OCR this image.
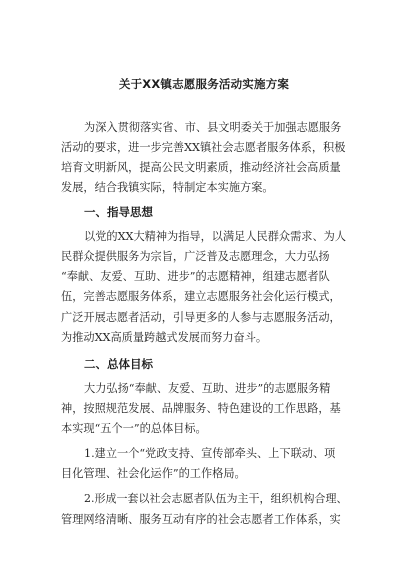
关于XX镇志愿服务活动实施方案
为深入贯彻落实省、市、县文明委关于加强志愿服务
活动的要求，进一步完善XX镇社会志愿者服务体系，积极
培育文明新风，提高公民文明素质，推动经济社会高质量
发展，结合我镇实际，特制定本实施方案。
一、指导思想
以党的XX大精神为指导，以满足人民群众需求、为人
民群众提供服务为宗旨，广泛普及志愿理念，大力弘扬
“奉献、友爱、互助、进步”的志愿精神，组建志愿者队
伍，完善志愿服务体系，建立志愿服务社会化运行模式，
广泛开展志愿者活动，引导更多的人参与志愿服务活动，
为推动XX高质量跨越式发展而努力奋斗。
二、总体目标
大力弘扬“奉献、友爱、互助、进步”的志愿服务精
神，按照规范发展、品牌服务、特色建设的工作思路，基
本实现“五个一”的总体目标。
1.建立一个“党政支持、宣传部牵头、上下联动、项
目化管理、社会化运作”的工作格局。
2.形成一套以社会志愿者队伍为主干，组织机构合理、
管理网络清晰、服务互动有序的社会志愿者工作体系，实
